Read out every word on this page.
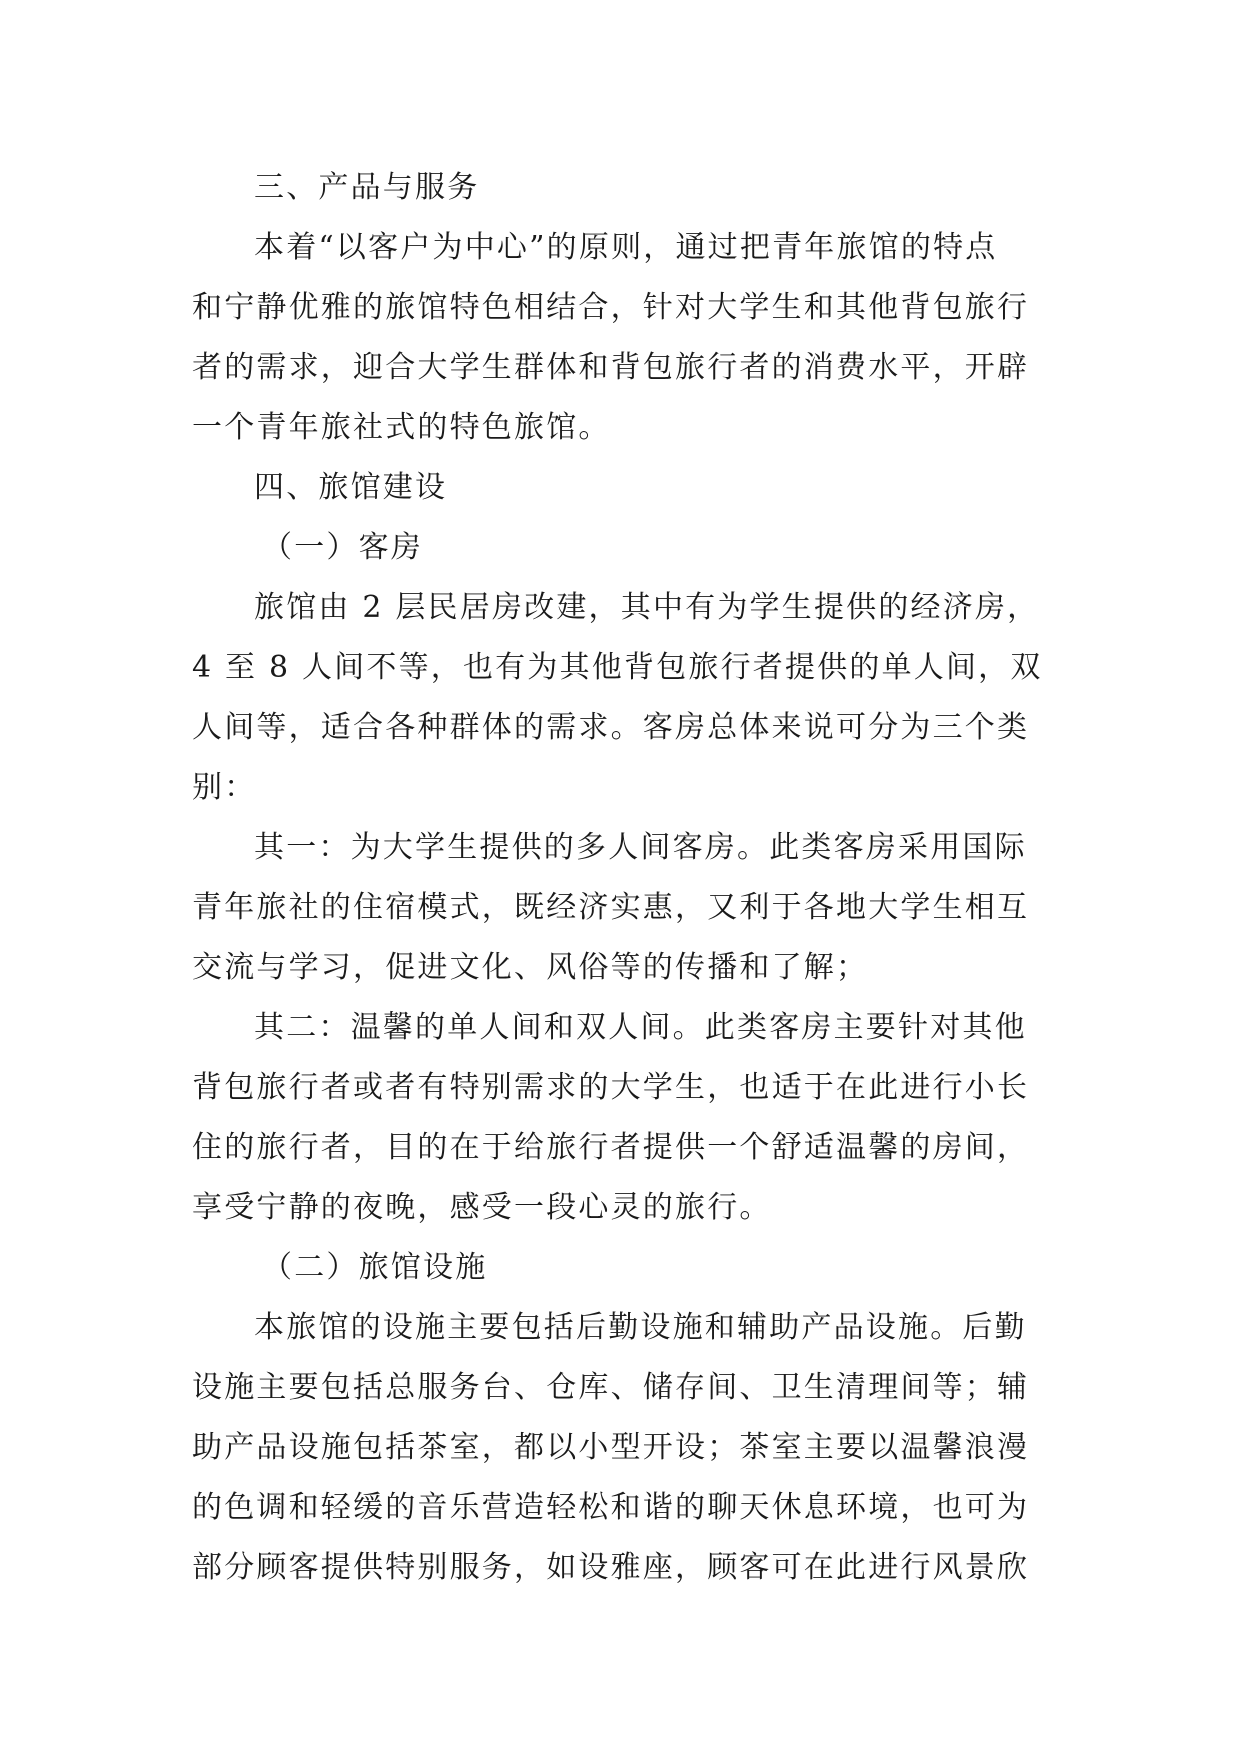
三、产品与服务
本着“以客户为中心”的原则，通过把青年旅馆的特点
和宁静优雅的旅馆特色相结合，针对大学生和其他背包旅行
者的需求，迎合大学生群体和背包旅行者的消费水平，开辟
一个青年旅社式的特色旅馆。
四、旅馆建设
（一）客房
旅馆由 2 层民居房改建，其中有为学生提供的经济房，
4 至 8 人间不等，也有为其他背包旅行者提供的单人间，双
人间等，适合各种群体的需求。客房总体来说可分为三个类
别：
其一：为大学生提供的多人间客房。此类客房采用国际
青年旅社的住宿模式，既经济实惠，又利于各地大学生相互
交流与学习，促进文化、风俗等的传播和了解；
其二：温馨的单人间和双人间。此类客房主要针对其他
背包旅行者或者有特别需求的大学生，也适于在此进行小长
住的旅行者，目的在于给旅行者提供一个舒适温馨的房间，
享受宁静的夜晚，感受一段心灵的旅行。
（二）旅馆设施
本旅馆的设施主要包括后勤设施和辅助产品设施。后勤
设施主要包括总服务台、仓库、储存间、卫生清理间等；辅
助产品设施包括茶室，都以小型开设；茶室主要以温馨浪漫
的色调和轻缓的音乐营造轻松和谐的聊天休息环境，也可为
部分顾客提供特别服务，如设雅座，顾客可在此进行风景欣
